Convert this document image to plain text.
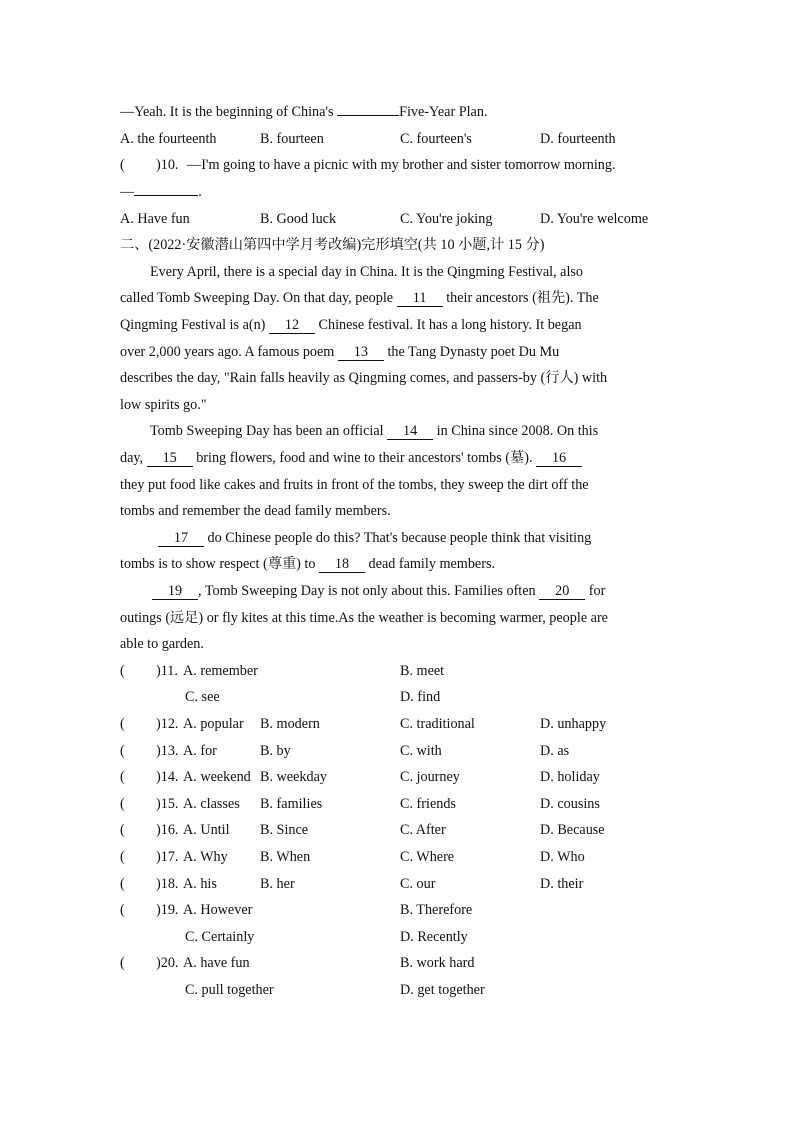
—Yeah. It is the beginning of China's	Five-Year Plan.
A. the fourteenth	B. fourteen	C. fourteen's	D. fourteenth
( )10. —I'm going to have a picnic with my brother and sister tomorrow morning.
—	.
A. Have fun	B. Good luck	C. You're joking	D. You're welcome
二、(2022·安徽潜山第四中学月考改编)完形填空(共 10 小题,计 15 分)
Every April, there is a special day in China. It is the Qingming Festival, also
called Tomb Sweeping Day. On that day, people 11 their ancestors (祖先). The
Qingming Festival is a(n) 12 Chinese festival. It has a long history. It began
over 2,000 years ago. A famous poem 13 the Tang Dynasty poet Du Mu
describes the day, "Rain falls heavily as Qingming comes, and passers-by (行人) with
low spirits go."
Tomb Sweeping Day has been an official 14 in China since 2008. On this
day, 15 bring flowers, food and wine to their ancestors' tombs (墓). 16
they put food like cakes and fruits in front of the tombs, they sweep the dirt off the
tombs and remember the dead family members.
17 do Chinese people do this? That's because people think that visiting
tombs is to show respect (尊重) to 18 dead family members.
19 , Tomb Sweeping Day is not only about this. Families often 20 for
outings (远足) or fly kites at this time.As the weather is becoming warmer, people are
able to garden.
( )11. A. remember	B. meet
C. see	D. find
( )12. A. popular B. modern	C. traditional	D. unhappy
( )13. A. for	B. by	C. with	D. as
( )14. A. weekend B. weekday	C. journey	D. holiday
( )15. A. classes B. families	C. friends	D. cousins
( )16. A. Until B. Since	C. After	D. Because
( )17. A. Why B. When	C. Where	D. Who
( )18. A. his	B. her	C. our	D. their
( )19. A. However	B. Therefore
C. Certainly	D. Recently
( )20. A. have fun	B. work hard
C. pull together	D. get together
